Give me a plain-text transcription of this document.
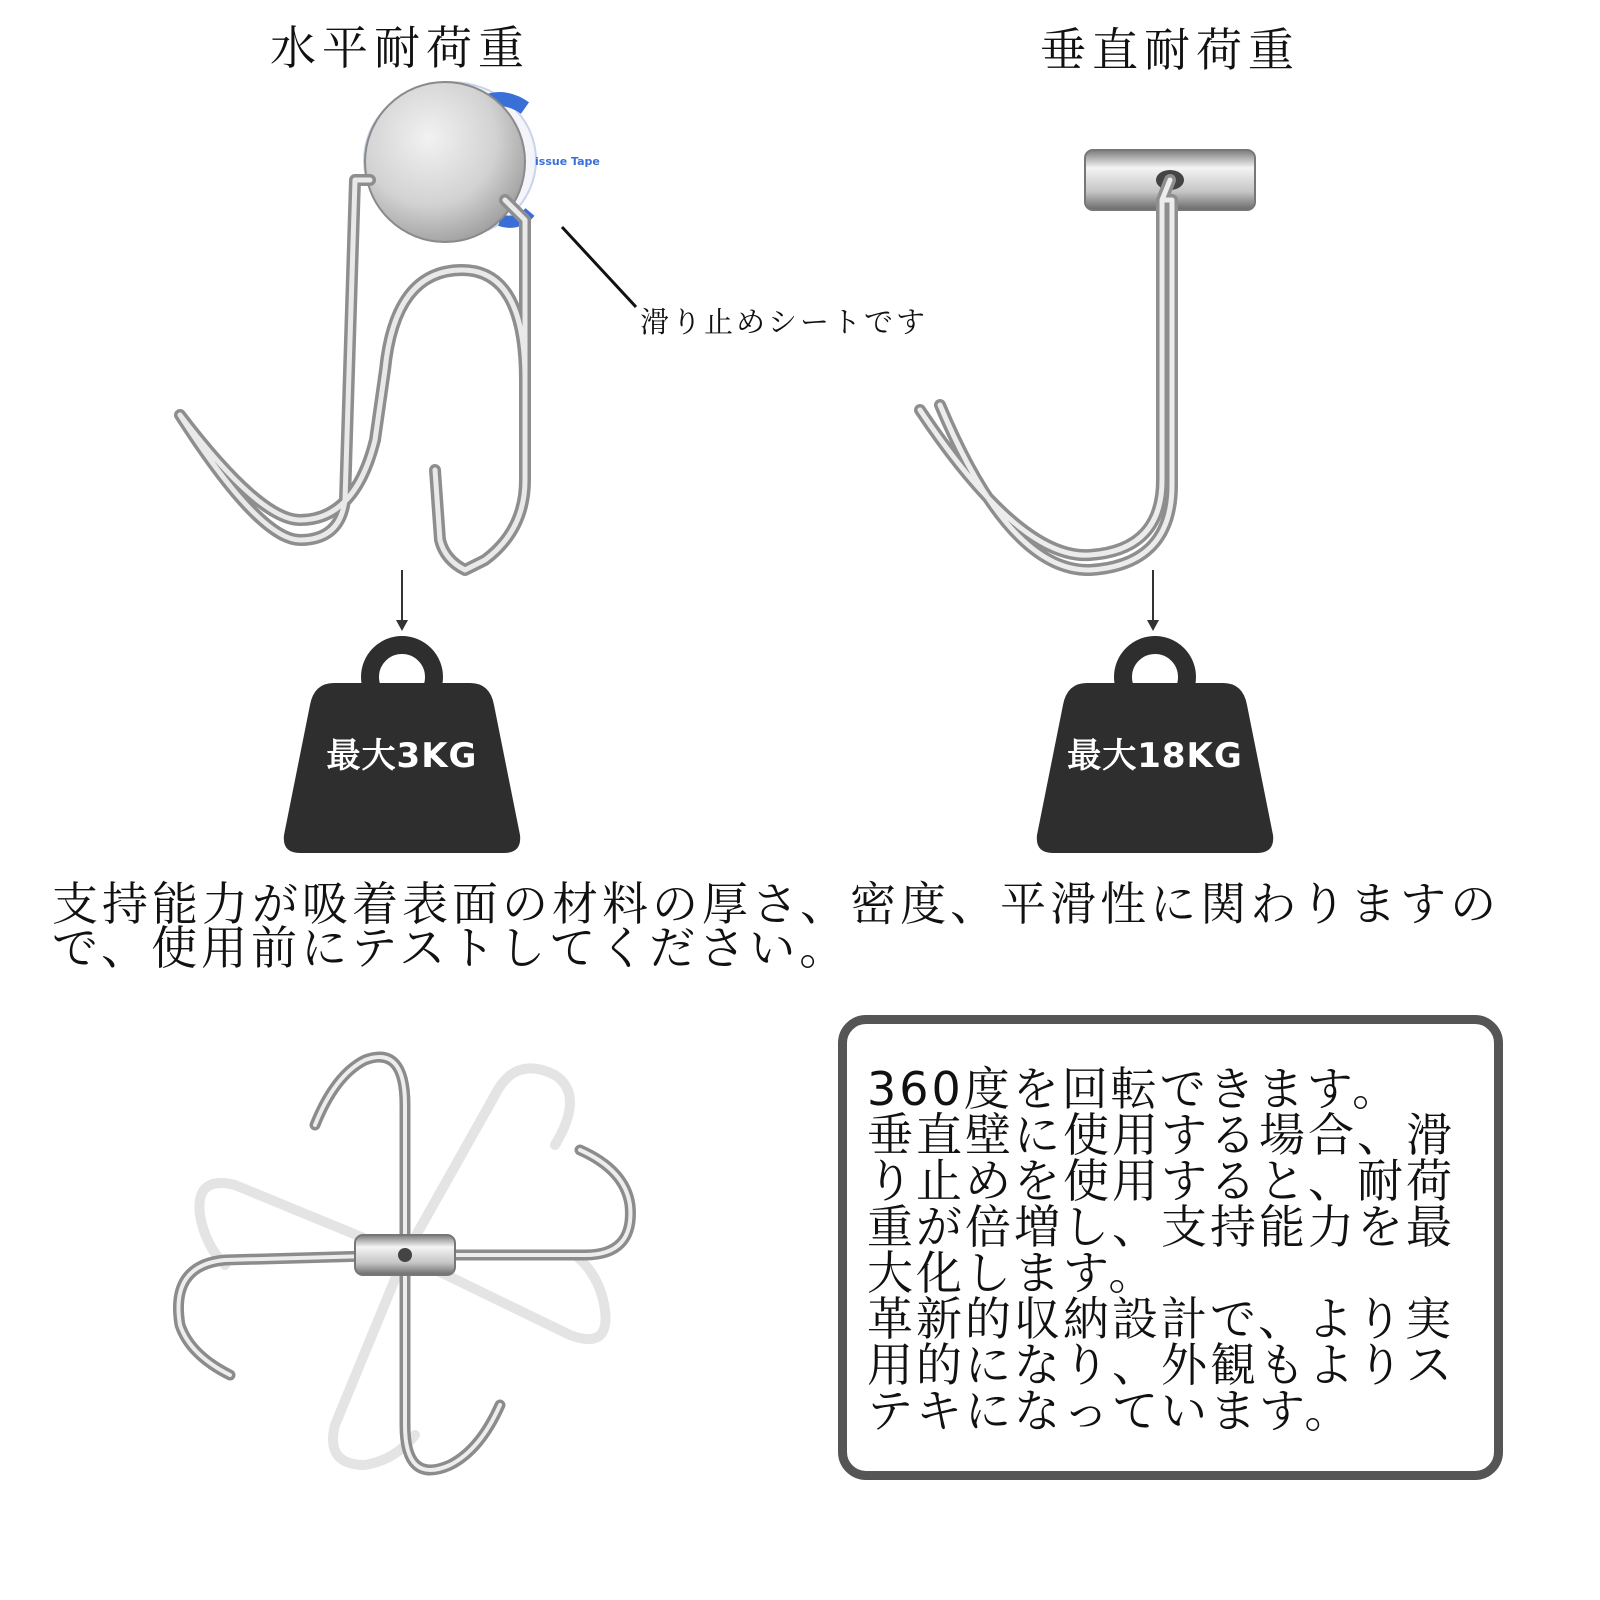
水平耐荷重
issue Tape
滑り止めシートです
最大3KG
垂直耐荷重
最大18KG
支持能力が吸着表面の材料の厚さ、密度、平滑性に関わりますの
で、使用前にテストしてください。
360度を回転できます。
垂直壁に使用する場合、滑
り止めを使用すると、耐荷
重が倍増し、支持能力を最
大化します。
革新的収納設計で、より実
用的になり、外観もよりス
テキになっています。
